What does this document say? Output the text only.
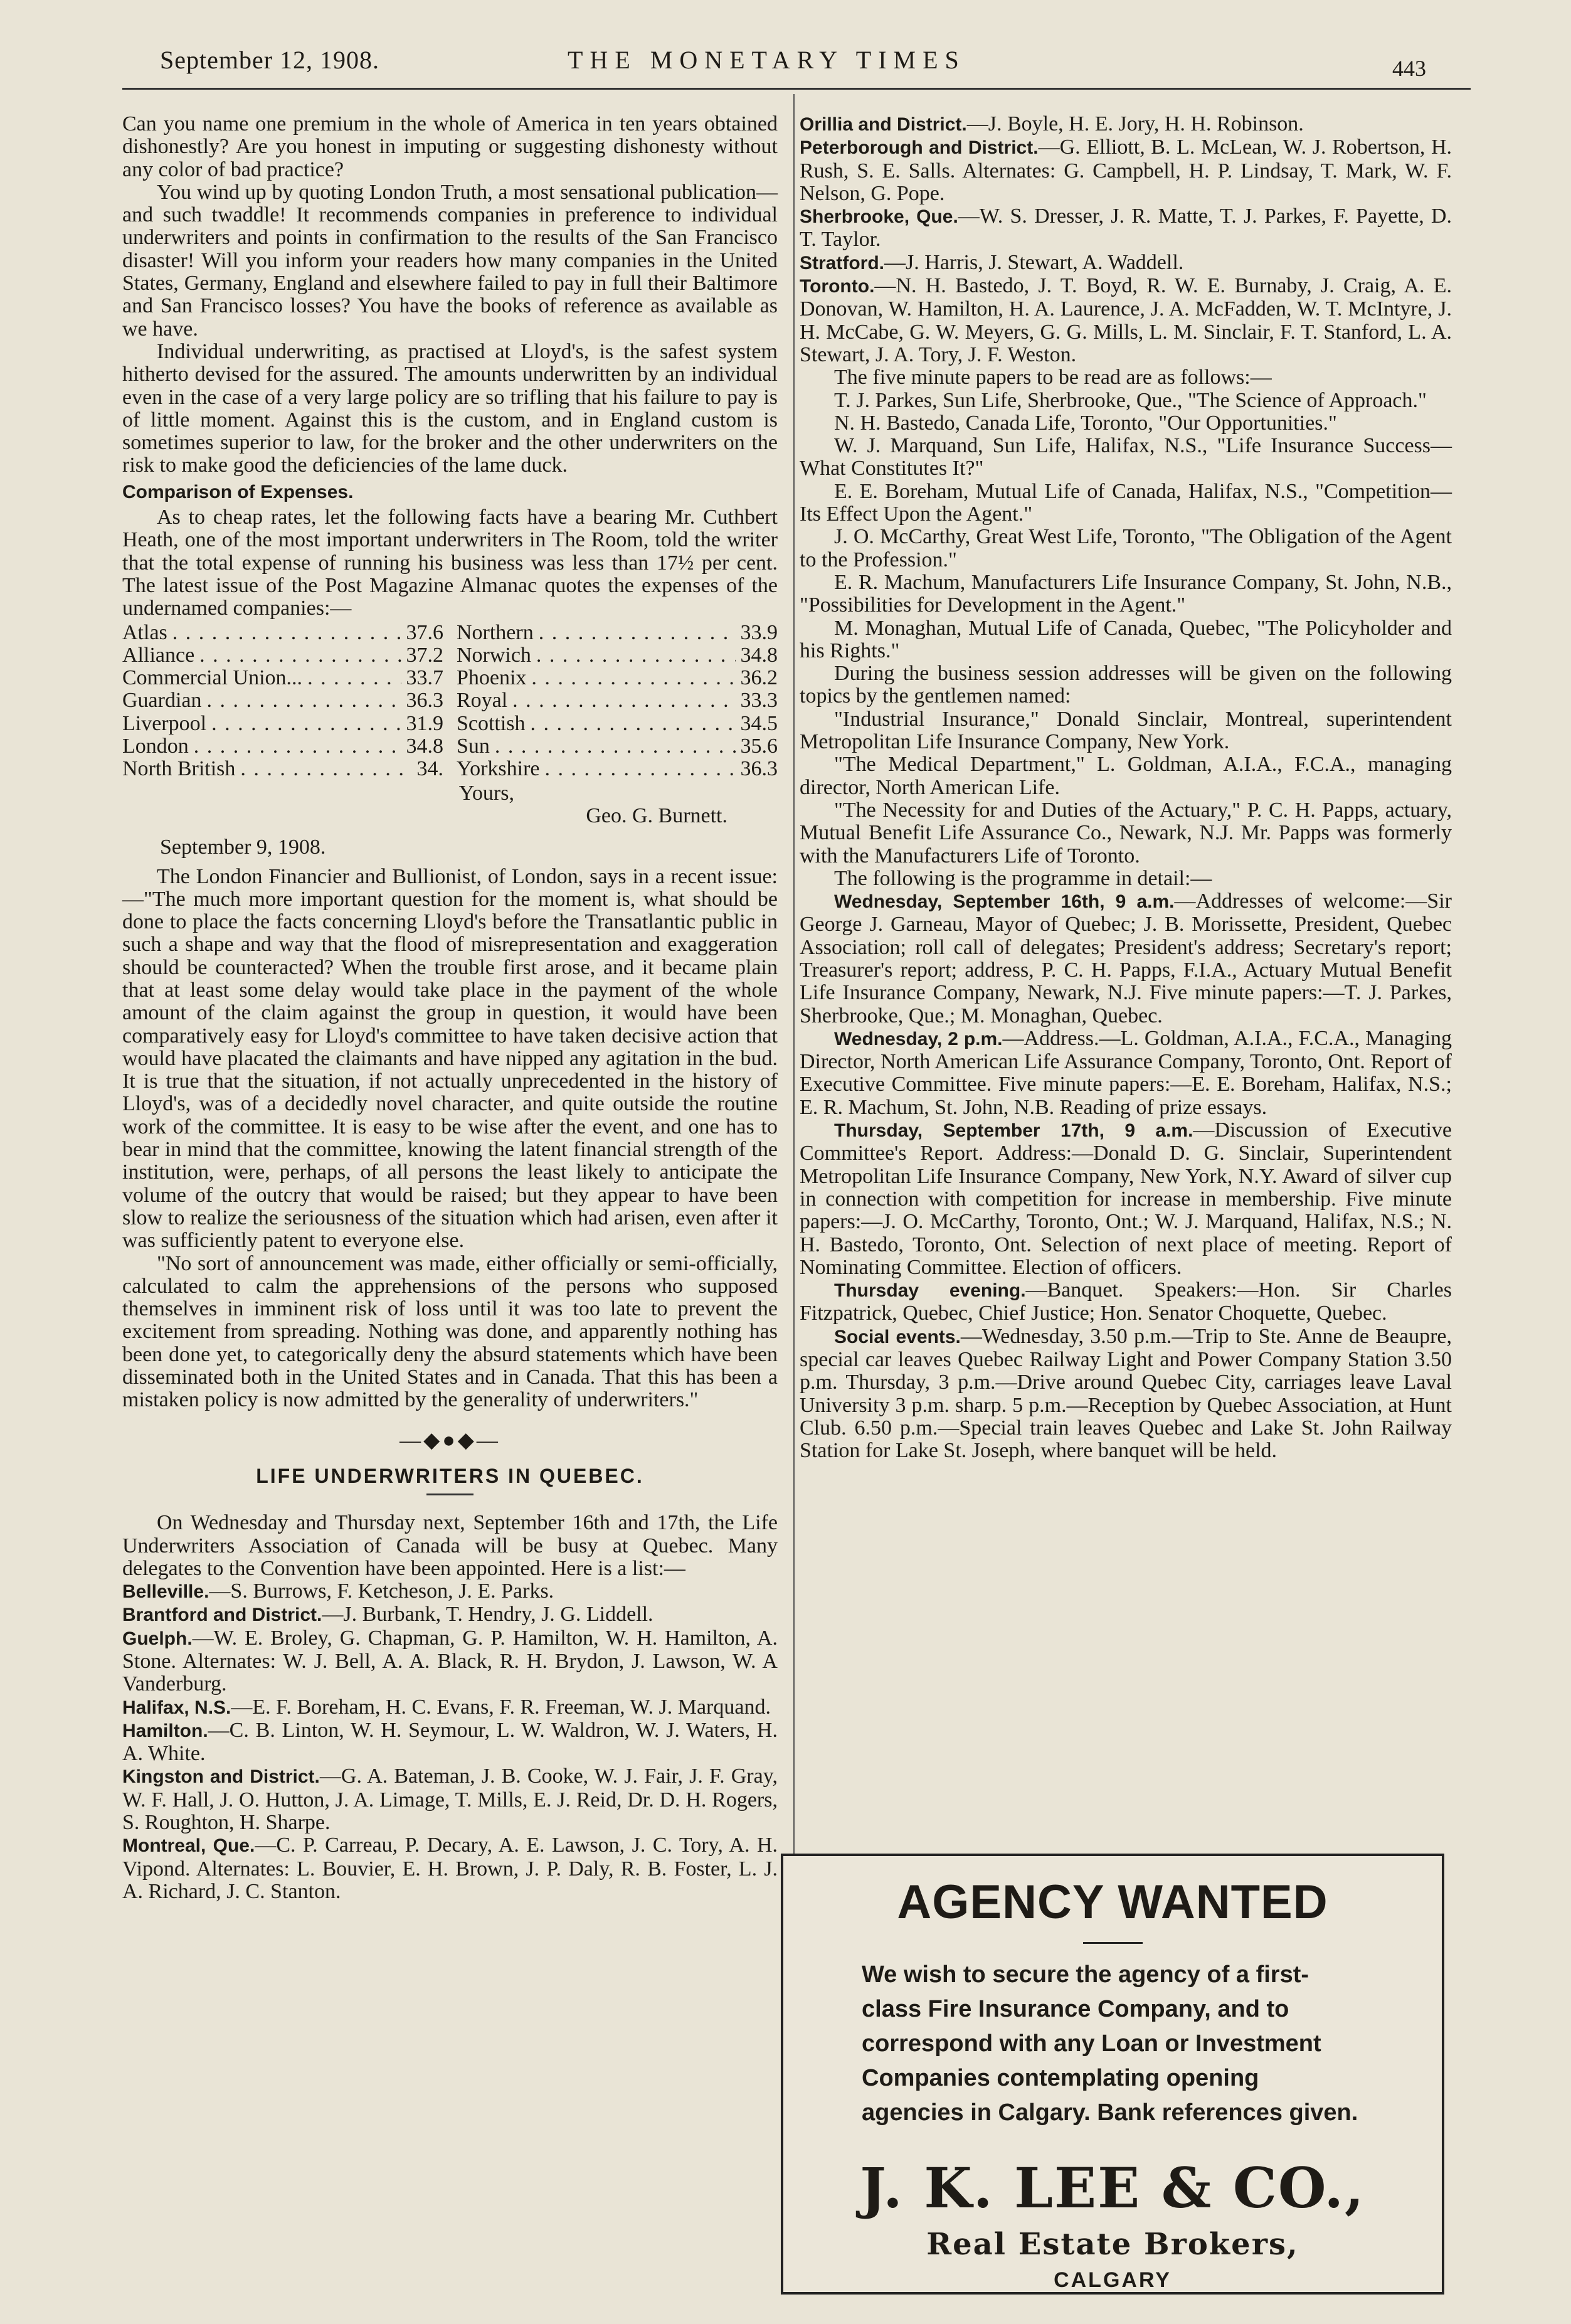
September 12, 1908.	THE MONETARY TIMES	443

Can you name one premium in the whole of America in ten years obtained dishonestly? Are you honest in imputing or suggesting dishonesty without any color of bad practice?

You wind up by quoting London Truth, a most sensational publication—and such twaddle! It recommends companies in preference to individual underwriters and points in confirmation to the results of the San Francisco disaster! Will you inform your readers how many companies in the United States, Germany, England and elsewhere failed to pay in full their Baltimore and San Francisco losses? You have the books of reference as available as we have.

Individual underwriting, as practised at Lloyd's, is the safest system hitherto devised for the assured. The amounts underwritten by an individual even in the case of a very large policy are so trifling that his failure to pay is of little moment. Against this is the custom, and in England custom is sometimes superior to law, for the broker and the other underwriters on the risk to make good the deficiencies of the lame duck.

Comparison of Expenses.

As to cheap rates, let the following facts have a bearing Mr. Cuthbert Heath, one of the most important underwriters in The Room, told the writer that the total expense of running his business was less than 17½ per cent. The latest issue of the Post Magazine Almanac quotes the expenses of the undernamed companies:—

Atlas . . .	37.6
Alliance . . .	37.2
Commercial Union... . . .	33.7
Guardian . . .	36.3
Liverpool . . .	31.9
London . . .	34.8
North British . . .	34.
Northern . . .	33.9
Norwich . . .	34.8
Phoenix . . .	36.2
Royal . . .	33.3
Scottish . . .	34.5
Sun . . .	35.6
Yorkshire . . .	36.3
Yours,
Geo. G. Burnett.
September 9, 1908.

The London Financier and Bullionist, of London, says in a recent issue:—"The much more important question for the moment is, what should be done to place the facts concerning Lloyd's before the Transatlantic public in such a shape and way that the flood of misrepresentation and exaggeration should be counteracted? When the trouble first arose, and it became plain that at least some delay would take place in the payment of the whole amount of the claim against the group in question, it would have been comparatively easy for Lloyd's committee to have taken decisive action that would have placated the claimants and have nipped any agitation in the bud. It is true that the situation, if not actually unprecedented in the history of Lloyd's, was of a decidedly novel character, and quite outside the routine work of the committee. It is easy to be wise after the event, and one has to bear in mind that the committee, knowing the latent financial strength of the institution, were, perhaps, of all persons the least likely to anticipate the volume of the outcry that would be raised; but they appear to have been slow to realize the seriousness of the situation which had arisen, even after it was sufficiently patent to everyone else.

"No sort of announcement was made, either officially or semi-officially, calculated to calm the apprehensions of the persons who supposed themselves in imminent risk of loss until it was too late to prevent the excitement from spreading. Nothing was done, and apparently nothing has been done yet, to categorically deny the absurd statements which have been disseminated both in the United States and in Canada. That this has been a mistaken policy is now admitted by the generality of underwriters."

—◆●◆—
LIFE UNDERWRITERS IN QUEBEC.

On Wednesday and Thursday next, September 16th and 17th, the Life Underwriters Association of Canada will be busy at Quebec. Many delegates to the Convention have been appointed. Here is a list:—

Belleville.—S. Burrows, F. Ketcheson, J. E. Parks.

Brantford and District.—J. Burbank, T. Hendry, J. G. Liddell.

Guelph.—W. E. Broley, G. Chapman, G. P. Hamilton, W. H. Hamilton, A. Stone. Alternates: W. J. Bell, A. A. Black, R. H. Brydon, J. Lawson, W. A Vanderburg.

Halifax, N.S.—E. F. Boreham, H. C. Evans, F. R. Freeman, W. J. Marquand.

Hamilton.—C. B. Linton, W. H. Seymour, L. W. Waldron, W. J. Waters, H. A. White.

Kingston and District.—G. A. Bateman, J. B. Cooke, W. J. Fair, J. F. Gray, W. F. Hall, J. O. Hutton, J. A. Limage, T. Mills, E. J. Reid, Dr. D. H. Rogers, S. Roughton, H. Sharpe.

Montreal, Que.—C. P. Carreau, P. Decary, A. E. Lawson, J. C. Tory, A. H. Vipond. Alternates: L. Bouvier, E. H. Brown, J. P. Daly, R. B. Foster, L. J. A. Richard, J. C. Stanton.

Orillia and District.—J. Boyle, H. E. Jory, H. H. Robinson.

Peterborough and District.—G. Elliott, B. L. McLean, W. J. Robertson, H. Rush, S. E. Salls. Alternates: G. Campbell, H. P. Lindsay, T. Mark, W. F. Nelson, G. Pope.

Sherbrooke, Que.—W. S. Dresser, J. R. Matte, T. J. Parkes, F. Payette, D. T. Taylor.

Stratford.—J. Harris, J. Stewart, A. Waddell.

Toronto.—N. H. Bastedo, J. T. Boyd, R. W. E. Burnaby, J. Craig, A. E. Donovan, W. Hamilton, H. A. Laurence, J. A. McFadden, W. T. McIntyre, J. H. McCabe, G. W. Meyers, G. G. Mills, L. M. Sinclair, F. T. Stanford, L. A. Stewart, J. A. Tory, J. F. Weston.

The five minute papers to be read are as follows:—

T. J. Parkes, Sun Life, Sherbrooke, Que., "The Science of Approach."

N. H. Bastedo, Canada Life, Toronto, "Our Opportunities."

W. J. Marquand, Sun Life, Halifax, N.S., "Life Insurance Success—What Constitutes It?"

E. E. Boreham, Mutual Life of Canada, Halifax, N.S., "Competition—Its Effect Upon the Agent."

J. O. McCarthy, Great West Life, Toronto, "The Obligation of the Agent to the Profession."

E. R. Machum, Manufacturers Life Insurance Company, St. John, N.B., "Possibilities for Development in the Agent."

M. Monaghan, Mutual Life of Canada, Quebec, "The Policyholder and his Rights."

During the business session addresses will be given on the following topics by the gentlemen named:

"Industrial Insurance," Donald Sinclair, Montreal, superintendent Metropolitan Life Insurance Company, New York.

"The Medical Department," L. Goldman, A.I.A., F.C.A., managing director, North American Life.

"The Necessity for and Duties of the Actuary," P. C. H. Papps, actuary, Mutual Benefit Life Assurance Co., Newark, N.J. Mr. Papps was formerly with the Manufacturers Life of Toronto.

The following is the programme in detail:—

Wednesday, September 16th, 9 a.m.—Addresses of welcome:—Sir George J. Garneau, Mayor of Quebec; J. B. Morissette, President, Quebec Association; roll call of delegates; President's address; Secretary's report; Treasurer's report; address, P. C. H. Papps, F.I.A., Actuary Mutual Benefit Life Insurance Company, Newark, N.J. Five minute papers:—T. J. Parkes, Sherbrooke, Que.; M. Monaghan, Quebec.

Wednesday, 2 p.m.—Address.—L. Goldman, A.I.A., F.C.A., Managing Director, North American Life Assurance Company, Toronto, Ont. Report of Executive Committee. Five minute papers:—E. E. Boreham, Halifax, N.S.; E. R. Machum, St. John, N.B. Reading of prize essays.

Thursday, September 17th, 9 a.m.—Discussion of Executive Committee's Report. Address:—Donald D. G. Sinclair, Superintendent Metropolitan Life Insurance Company, New York, N.Y. Award of silver cup in connection with competition for increase in membership. Five minute papers:—J. O. McCarthy, Toronto, Ont.; W. J. Marquand, Halifax, N.S.; N. H. Bastedo, Toronto, Ont. Selection of next place of meeting. Report of Nominating Committee. Election of officers.

Thursday evening.—Banquet. Speakers:—Hon. Sir Charles Fitzpatrick, Quebec, Chief Justice; Hon. Senator Choquette, Quebec.

Social events.—Wednesday, 3.50 p.m.—Trip to Ste. Anne de Beaupre, special car leaves Quebec Railway Light and Power Company Station 3.50 p.m. Thursday, 3 p.m.—Drive around Quebec City, carriages leave Laval University 3 p.m. sharp. 5 p.m.—Reception by Quebec Association, at Hunt Club. 6.50 p.m.—Special train leaves Quebec and Lake St. John Railway Station for Lake St. Joseph, where banquet will be held.

AGENCY WANTED
We wish to secure the agency of a first-class Fire Insurance Company, and to correspond with any Loan or Investment Companies contemplating opening agencies in Calgary. Bank references given.
J. K. LEE & CO.,
Real Estate Brokers,
CALGARY
